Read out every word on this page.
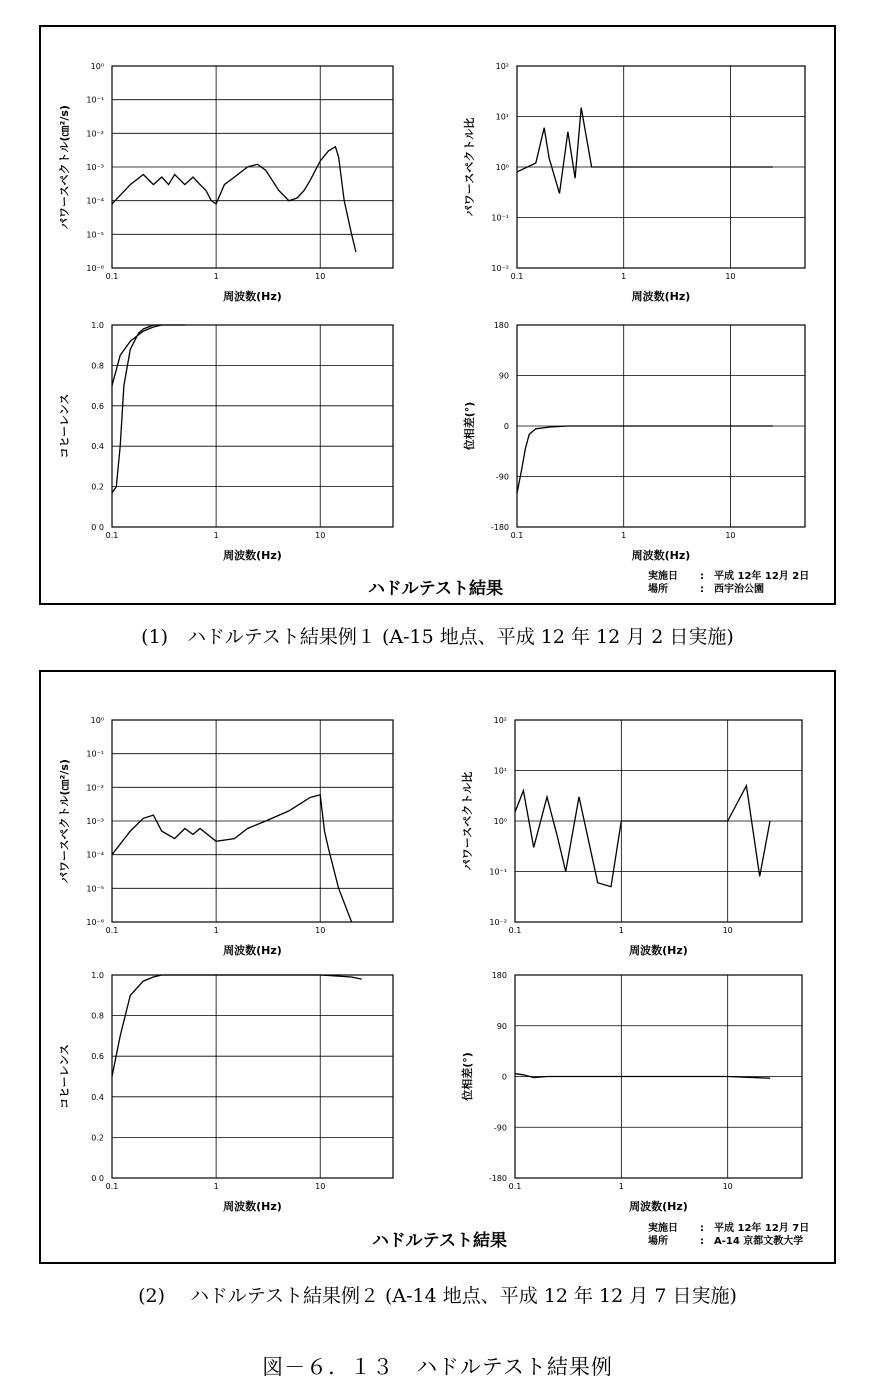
0.1	1	10
10⁻⁶
10⁻⁵
10⁻⁴
10⁻³
10⁻²
10⁻¹
10⁰
周波数(Hz)
パワースペクトル(㎝²/s)
0.1	1	10
10⁻²
10⁻¹
10⁰
10¹
10²
周波数(Hz)
パワースペクトル比
0.1	1	10
0 0
0.2
0.4
0.6
0.8
1.0
周波数(Hz)
コヒーレンス
0.1	1	10
-180
-90
0
90
180
周波数(Hz)
位相差(°)
0.1	1	10
10⁻⁶
10⁻⁵
10⁻⁴
10⁻³
10⁻²
10⁻¹
10⁰
周波数(Hz)
パワースペクトル(㎝²/s)
0.1	1	10
10⁻²
10⁻¹
10⁰
10¹
10²
周波数(Hz)
パワースペクトル比
0.1	1	10
0 0
0.2
0.4
0.6
0.8
1.0
周波数(Hz)
コヒーレンス
0.1	1	10
-180
-90
0
90
180
周波数(Hz)
位相差(°)
ハドルテスト結果
実施日 : 平成 12年 12月 2日
場所	: 西宇治公園
(1)　ハドルテスト結果例１ (A-15 地点、平成 12 年 12 月 2 日実施)
ハドルテスト結果
実施日 : 平成 12年 12月 7日
場所	: A-14 京都文教大学
(2)　 ハドルテスト結果例２ (A-14 地点、平成 12 年 12 月 7 日実施)
図－６．１３　ハドルテスト結果例
